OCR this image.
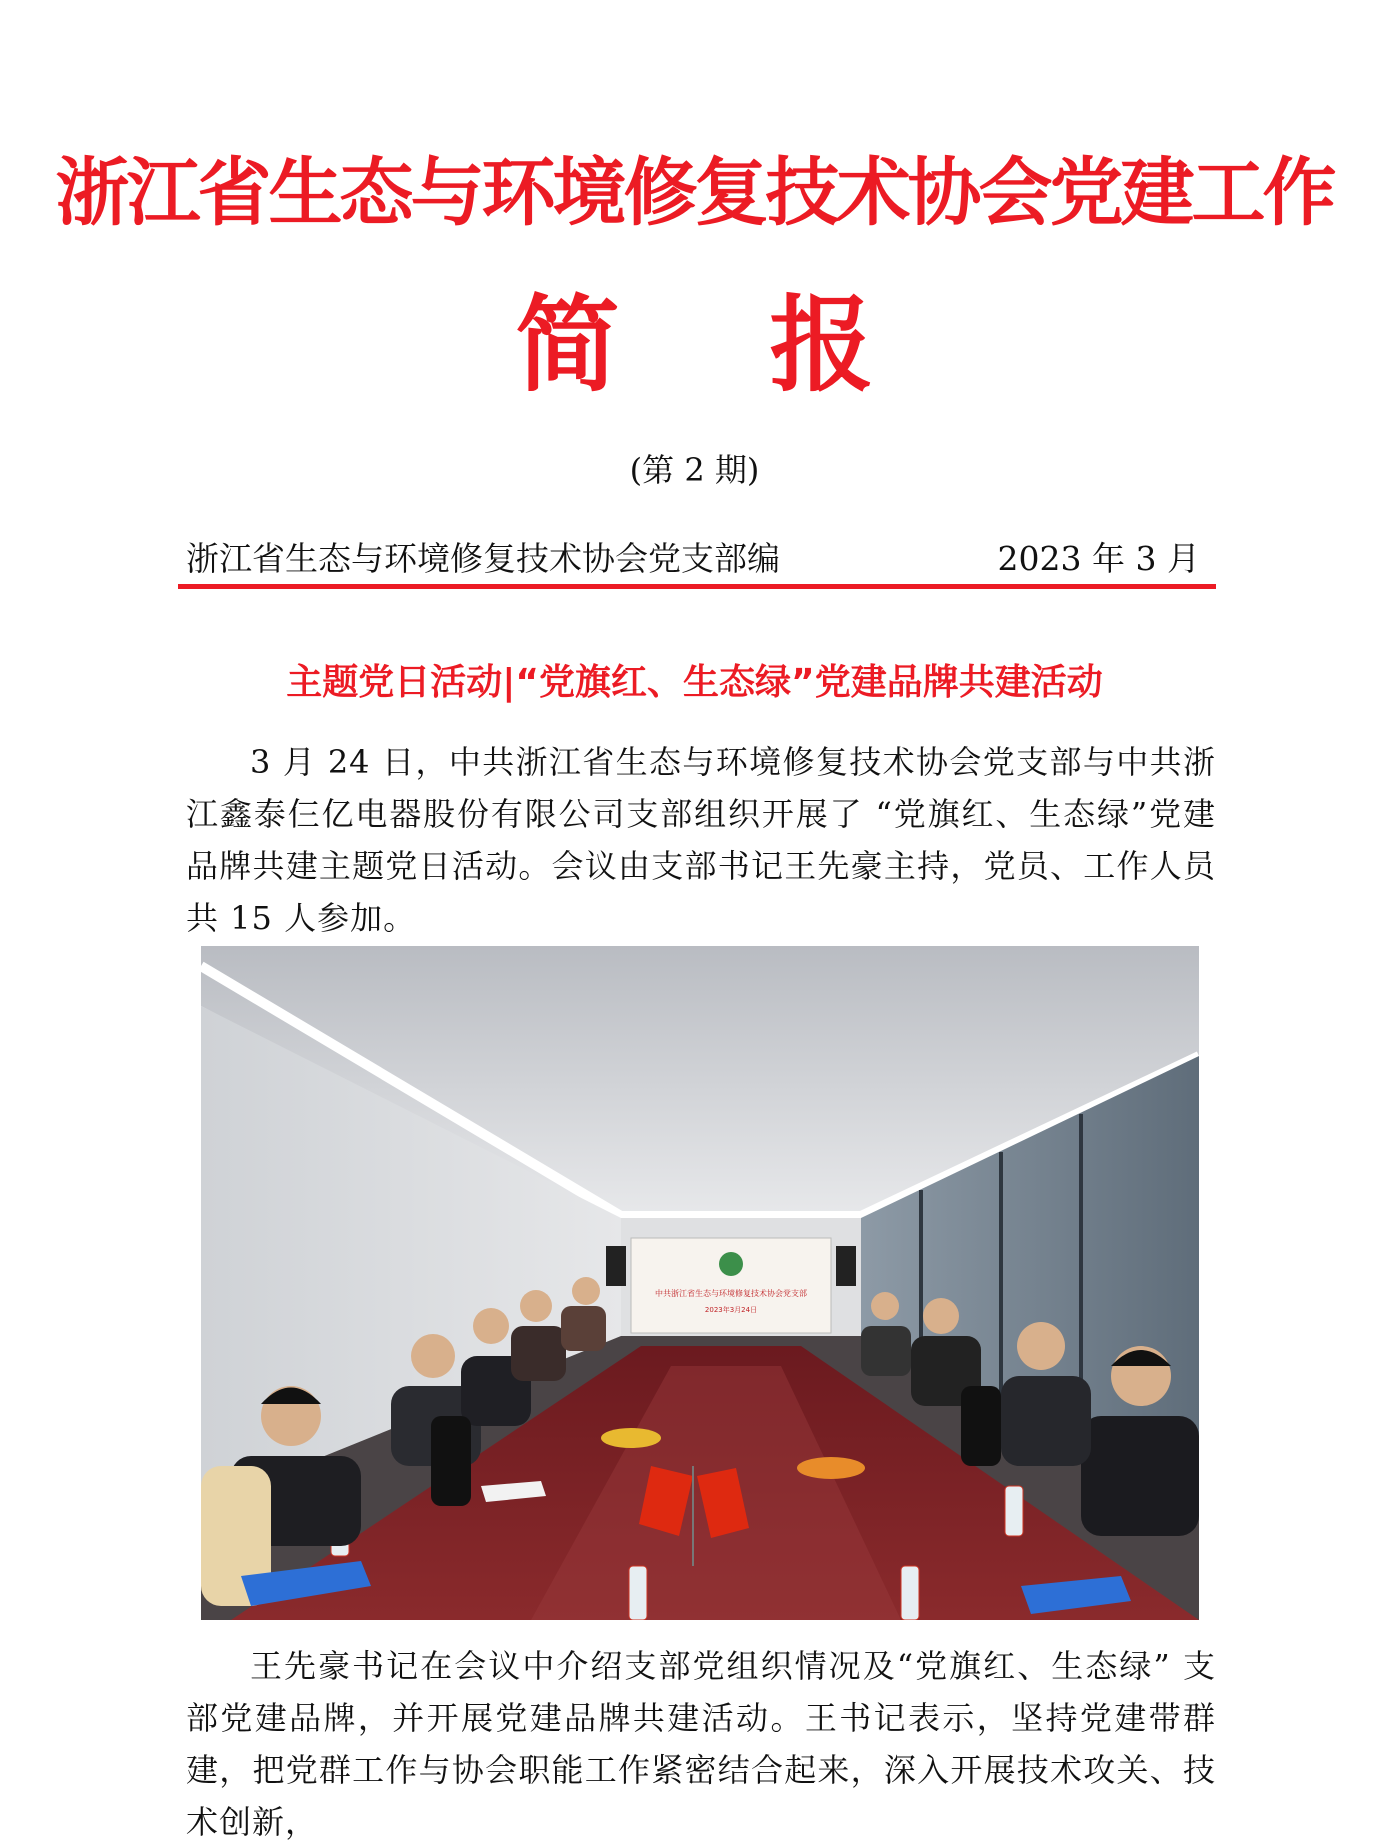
浙江省生态与环境修复技术协会党建工作
简 报
(第 2 期)
浙江省生态与环境修复技术协会党支部编	2023 年 3 月
主题党日活动|“党旗红、生态绿”党建品牌共建活动
3 月 24 日，中共浙江省生态与环境修复技术协会党支部与中共浙江鑫泰仨亿电器股份有限公司支部组织开展了 “党旗红、生态绿”党建品牌共建主题党日活动。会议由支部书记王先豪主持，党员、工作人员共 15 人参加。
中共浙江省生态与环境修复技术协会党支部
2023年3月24日
王先豪书记在会议中介绍支部党组织情况及“党旗红、生态绿” 支部党建品牌，并开展党建品牌共建活动。王书记表示，坚持党建带群建，把党群工作与协会职能工作紧密结合起来，深入开展技术攻关、技术创新，
